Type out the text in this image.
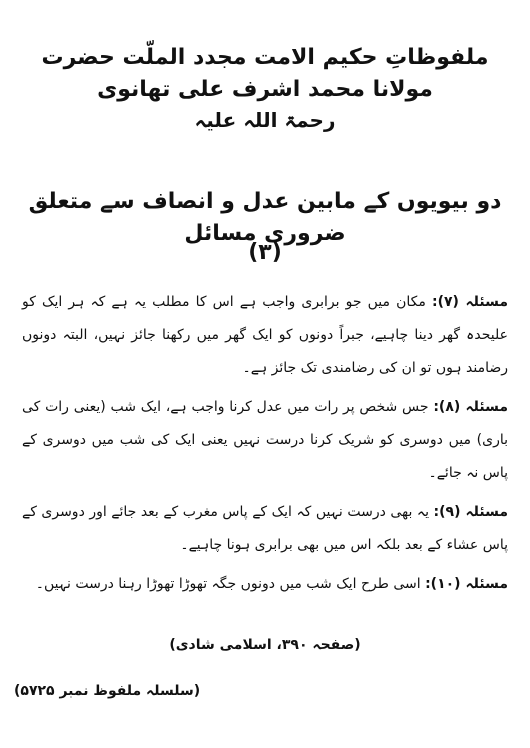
ملفوظاتِ حکیم الامت مجدد الملّت حضرت مولانا محمد اشرف علی تھانوی
رحمۃ اللہ علیہ
دو بیویوں کے مابین عدل و انصاف سے متعلق ضروری مسائل
(۳)

مسئلہ (۷): مکان میں جو برابری واجب ہے اس کا مطلب یہ ہے کہ ہر ایک کو علیحدہ گھر دینا چاہیے، جبراً دونوں کو ایک گھر میں رکھنا جائز نہیں، البتہ دونوں رضامند ہوں تو ان کی رضامندی تک جائز ہے۔

مسئلہ (۸): جس شخص پر رات میں عدل کرنا واجب ہے، ایک شب (یعنی رات کی باری) میں دوسری کو شریک کرنا درست نہیں یعنی ایک کی شب میں دوسری کے پاس نہ جائے۔

مسئلہ (۹): یہ بھی درست نہیں کہ ایک کے پاس مغرب کے بعد جائے اور دوسری کے پاس عشاء کے بعد بلکہ اس میں بھی برابری ہونا چاہیے۔

مسئلہ (۱۰): اسی طرح ایک شب میں دونوں جگہ تھوڑا تھوڑا رہنا درست نہیں۔

(صفحہ ۳۹۰، اسلامی شادی)
(سلسلہ ملفوظ نمبر ۵۷۲۵)
